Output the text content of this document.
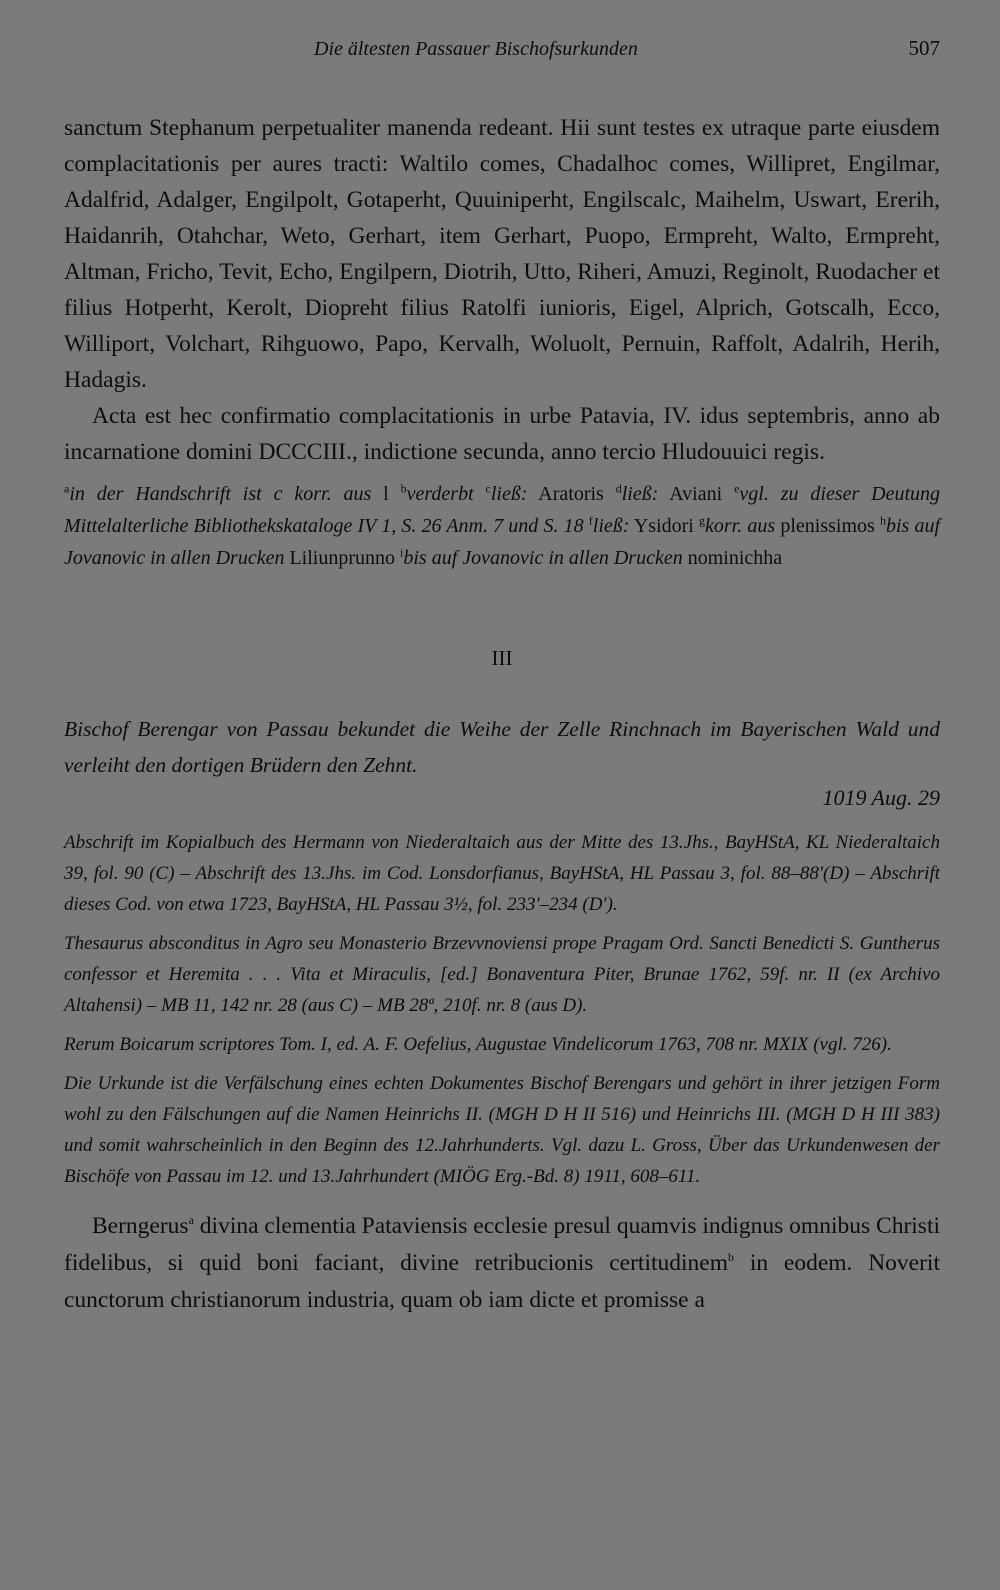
Die ältesten Passauer Bischofsurkunden	507

sanctum Stephanum perpetualiter manenda redeant. Hii sunt testes ex utraque parte eiusdem complacitationis per aures tracti: Waltilo comes, Chadalhoc comes, Willipret, Engilmar, Adalfrid, Adalger, Engilpolt, Gotaperht, Quuiniperht, Engilscalc, Maihelm, Uswart, Ererih, Haidanrih, Otahchar, Weto, Gerhart, item Gerhart, Puopo, Ermpreht, Walto, Ermpreht, Altman, Fricho, Tevit, Echo, Engilpern, Diotrih, Utto, Riheri, Amuzi, Reginolt, Ruodacher et filius Hotperht, Kerolt, Diopreht filius Ratolfi iunioris, Eigel, Alprich, Gotscalh, Ecco, Williport, Volchart, Rihguowo, Papo, Kervalh, Woluolt, Pernuin, Raffolt, Adalrih, Herih, Hadagis.

Acta est hec confirmatio complacitationis in urbe Patavia, IV. idus septembris, anno ab incarnatione domini DCCCIII., indictione secunda, anno tercio Hludouuici regis.

$^a$in der Handschrift ist c korr. aus l $^b$verderbt $^c$ließ: Aratoris $^d$ließ: Aviani $^e$vgl. zu dieser Deutung Mittelalterliche Bibliothekskataloge IV 1, S. 26 Anm. 7 und S. 18 $^f$ließ: Ysidori $^g$korr. aus plenissimos $^h$bis auf Jovanovic in allen Drucken Liliunprunno $^i$bis auf Jovanovic in allen Drucken nominichha
III
Bischof Berengar von Passau bekundet die Weihe der Zelle Rinchnach im Bayerischen Wald und verleiht den dortigen Brüdern den Zehnt.
1019 Aug. 29

Abschrift im Kopialbuch des Hermann von Niederaltaich aus der Mitte des 13.Jhs., BayHStA, KL Niederaltaich 39, fol. 90 (C) – Abschrift des 13.Jhs. im Cod. Lonsdorfianus, BayHStA, HL Passau 3, fol. 88–88′(D) – Abschrift dieses Cod. von etwa 1723, BayHStA, HL Passau 3½, fol. 233′–234 (D′).

Thesaurus absconditus in Agro seu Monasterio Brzevvnoviensi prope Pragam Ord. Sancti Benedicti S. Guntherus confessor et Heremita . . . Vita et Miraculis, [ed.] Bonaventura Piter, Brunae 1762, 59f. nr. II (ex Archivo Altahensi) – MB 11, 142 nr. 28 (aus C) – MB 28ª, 210f. nr. 8 (aus D).

Rerum Boicarum scriptores Tom. I, ed. A. F. Oefelius, Augustae Vindelicorum 1763, 708 nr. MXIX (vgl. 726).

Die Urkunde ist die Verfälschung eines echten Dokumentes Bischof Berengars und gehört in ihrer jetzigen Form wohl zu den Fälschungen auf die Namen Heinrichs II. (MGH D H II 516) und Heinrichs III. (MGH D H III 383) und somit wahrscheinlich in den Beginn des 12.Jahrhunderts. Vgl. dazu L. Gross, Über das Urkundenwesen der Bischöfe von Passau im 12. und 13.Jahrhundert (MIÖG Erg.-Bd. 8) 1911, 608–611.

Berngerus$^a$ divina clementia Pataviensis ecclesie presul quamvis indignus omnibus Christi fidelibus, si quid boni faciant, divine retribucionis certitudinem$^b$ in eodem. Noverit cunctorum christianorum industria, quam ob iam dicte et promisse a
